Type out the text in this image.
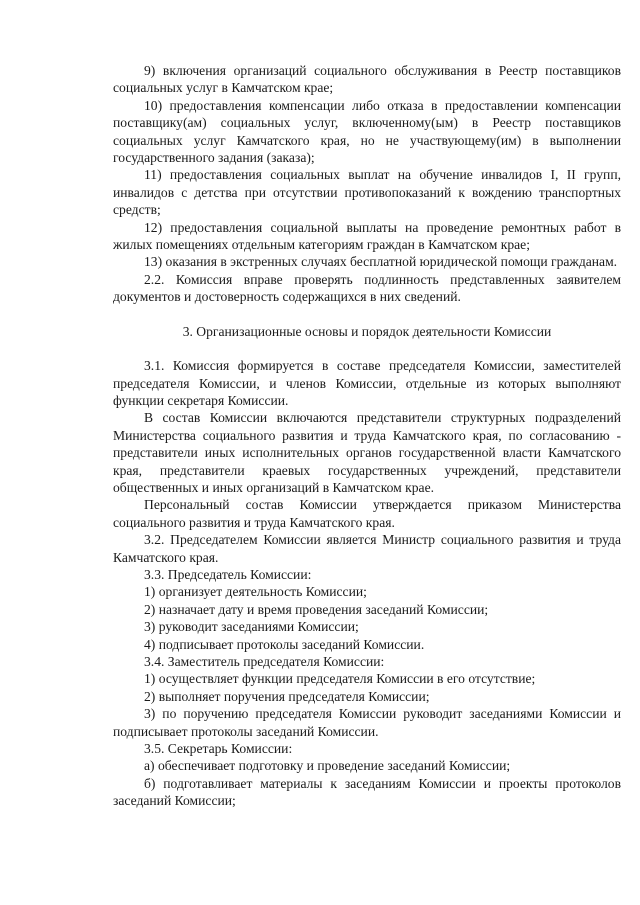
9) включения организаций социального обслуживания в Реестр поставщиков социальных услуг в Камчатском крае;

10) предоставления компенсации либо отказа в предоставлении компенсации поставщику(ам) социальных услуг, включенному(ым) в Реестр поставщиков социальных услуг Камчатского края, но не участвующему(им) в выполнении государственного задания (заказа);

11) предоставления социальных выплат на обучение инвалидов I, II групп, инвалидов с детства при отсутствии противопоказаний к вождению транспортных средств;

12) предоставления социальной выплаты на проведение ремонтных работ в жилых помещениях отдельным категориям граждан в Камчатском крае;

13) оказания в экстренных случаях бесплатной юридической помощи гражданам.

2.2. Комиссия вправе проверять подлинность представленных заявителем документов и достоверность содержащихся в них сведений.

3. Организационные основы и порядок деятельности Комиссии

3.1. Комиссия формируется в составе председателя Комиссии, заместителей председателя Комиссии, и членов Комиссии, отдельные из которых выполняют функции секретаря Комиссии.

В состав Комиссии включаются представители структурных подразделений Министерства социального развития и труда Камчатского края, по согласованию - представители иных исполнительных органов государственной власти Камчатского края, представители краевых государственных учреждений, представители общественных и иных организаций в Камчатском крае.

Персональный состав Комиссии утверждается приказом Министерства социального развития и труда Камчатского края.

3.2. Председателем Комиссии является Министр социального развития и труда Камчатского края.

3.3. Председатель Комиссии:

1) организует деятельность Комиссии;

2) назначает дату и время проведения заседаний Комиссии;

3) руководит заседаниями Комиссии;

4) подписывает протоколы заседаний Комиссии.

3.4. Заместитель председателя Комиссии:

1) осуществляет функции председателя Комиссии в его отсутствие;

2) выполняет поручения председателя Комиссии;

3) по поручению председателя Комиссии руководит заседаниями Комиссии и подписывает протоколы заседаний Комиссии.

3.5. Секретарь Комиссии:

а) обеспечивает подготовку и проведение заседаний Комиссии;

б) подготавливает материалы к заседаниям Комиссии и проекты протоколов заседаний Комиссии;
